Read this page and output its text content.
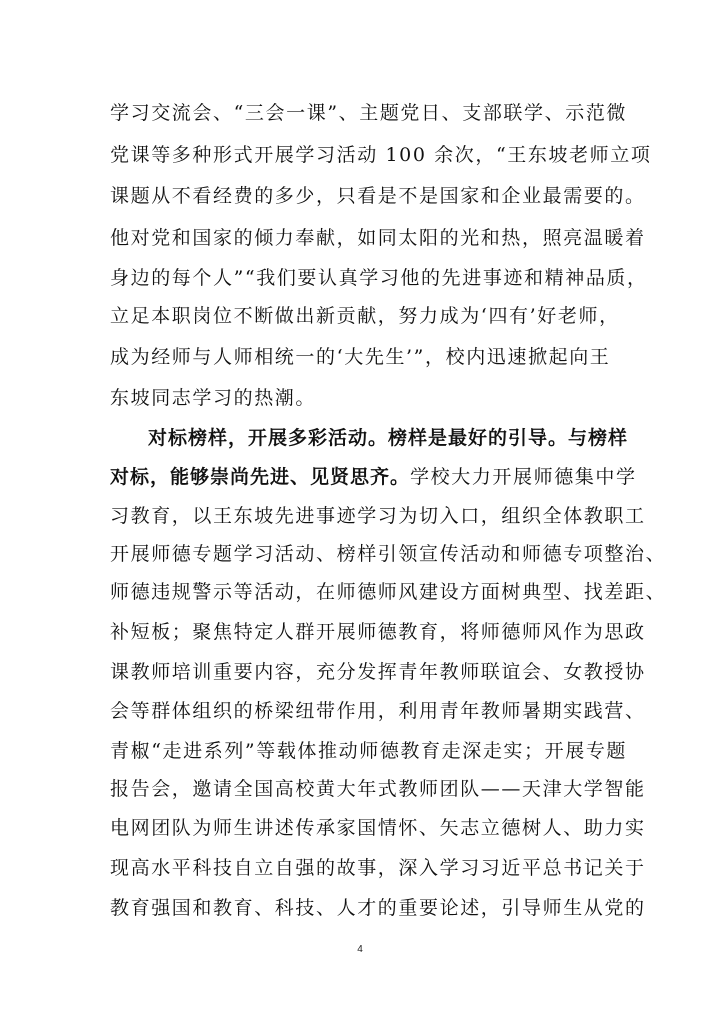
学习交流会、“三会一课”、主题党日、支部联学、示范微
党课等多种形式开展学习活动 100 余次，“王东坡老师立项
课题从不看经费的多少，只看是不是国家和企业最需要的。
他对党和国家的倾力奉献，如同太阳的光和热，照亮温暖着
身边的每个人”“我们要认真学习他的先进事迹和精神品质，
立足本职岗位不断做出新贡献，努力成为‘四有’好老师，
成为经师与人师相统一的‘大先生’”，校内迅速掀起向王
东坡同志学习的热潮。
对标榜样，开展多彩活动。榜样是最好的引导。与榜样
对标，能够崇尚先进、见贤思齐。学校大力开展师德集中学
习教育，以王东坡先进事迹学习为切入口，组织全体教职工
开展师德专题学习活动、榜样引领宣传活动和师德专项整治、
师德违规警示等活动，在师德师风建设方面树典型、找差距、
补短板；聚焦特定人群开展师德教育，将师德师风作为思政
课教师培训重要内容，充分发挥青年教师联谊会、女教授协
会等群体组织的桥梁纽带作用，利用青年教师暑期实践营、
青椒“走进系列”等载体推动师德教育走深走实；开展专题
报告会，邀请全国高校黄大年式教师团队——天津大学智能
电网团队为师生讲述传承家国情怀、矢志立德树人、助力实
现高水平科技自立自强的故事，深入学习习近平总书记关于
教育强国和教育、科技、人才的重要论述，引导师生从党的
4
